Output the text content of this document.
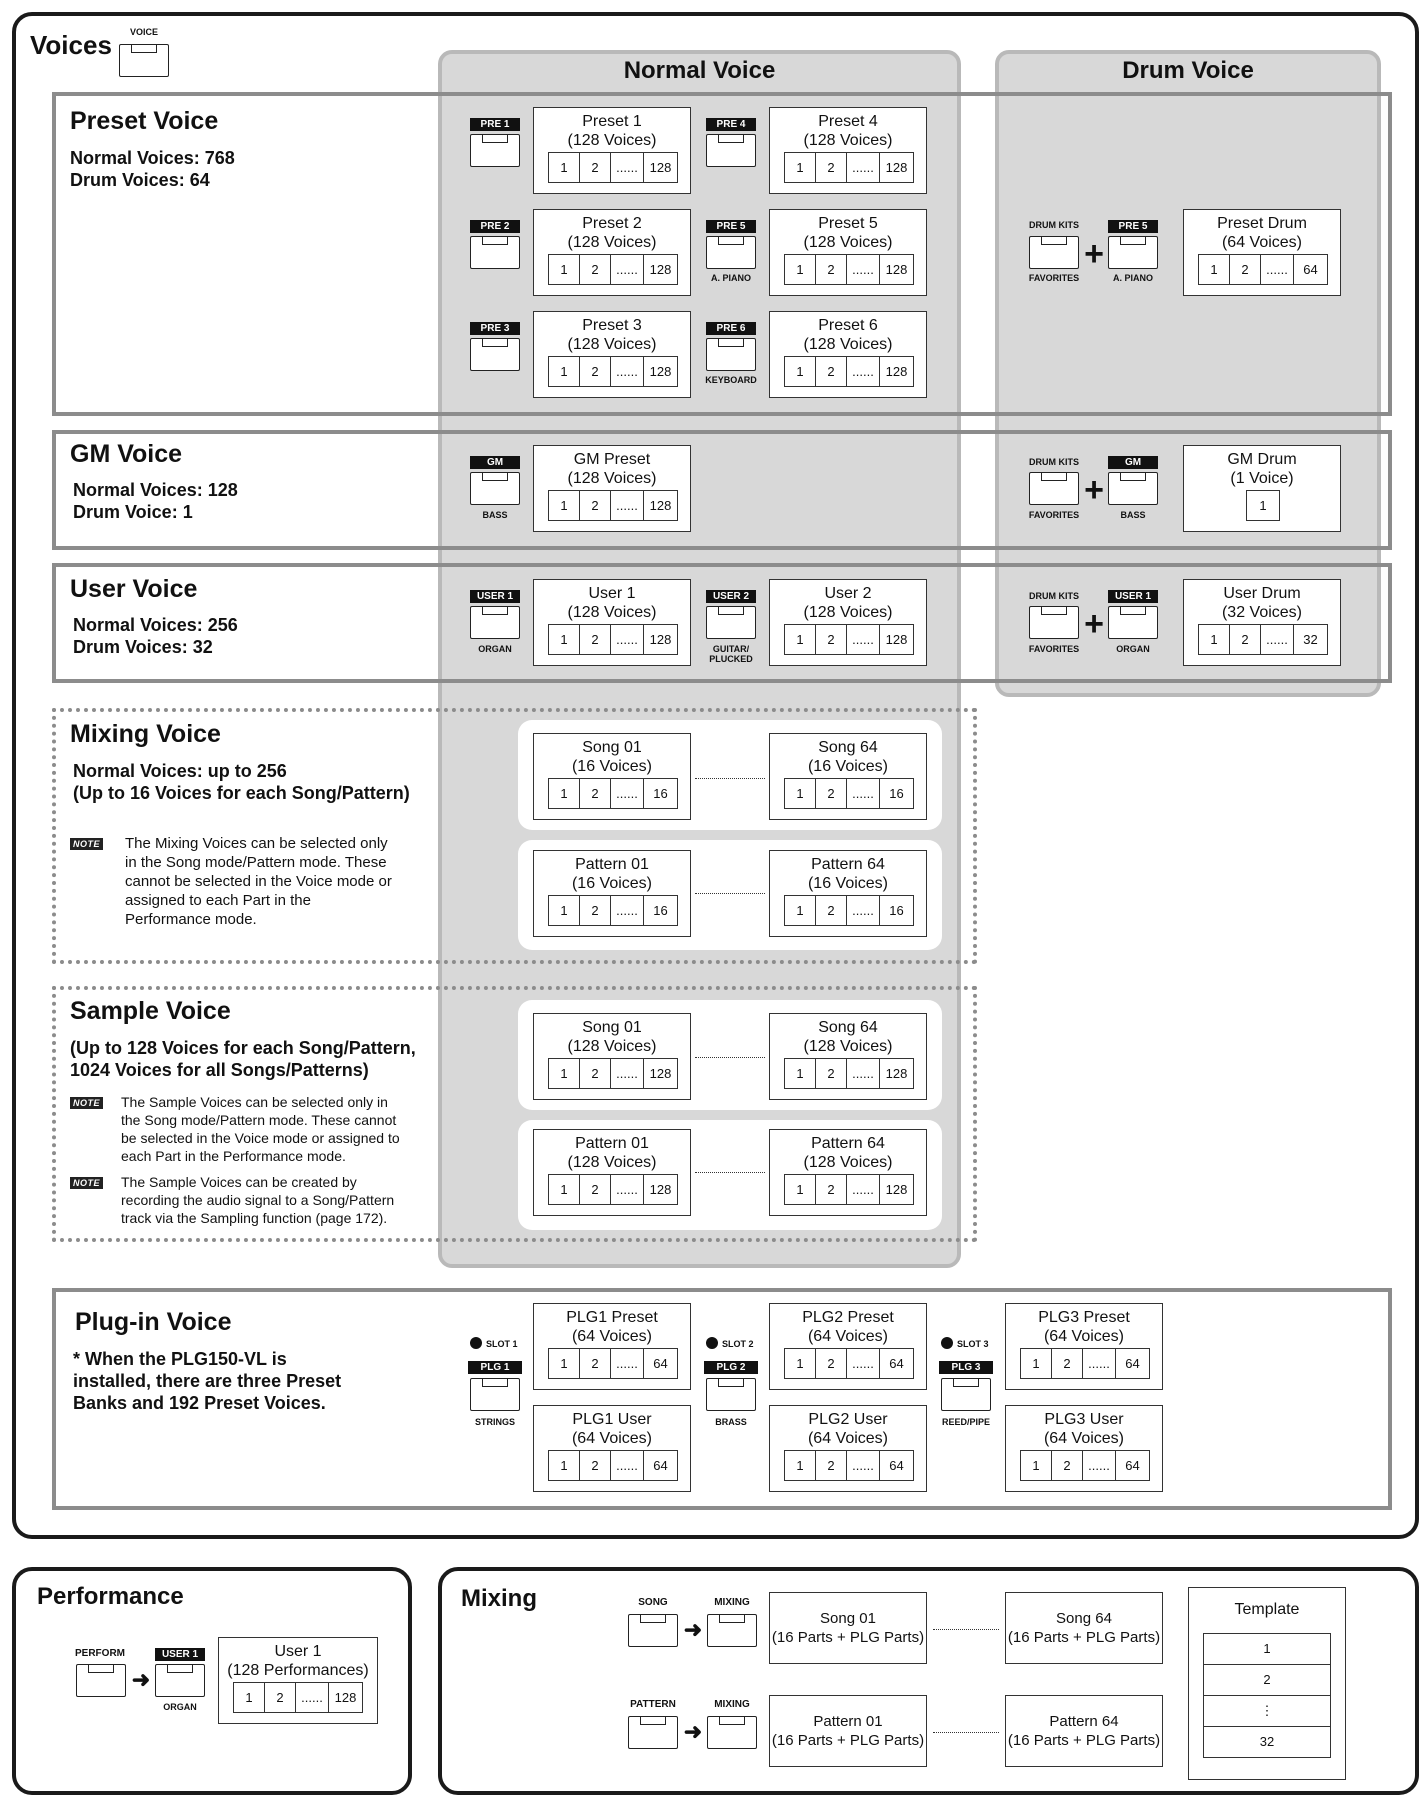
Voices	VOICE
Normal Voice	Drum Voice
Preset Voice
Normal Voices: 768
Drum Voices: 64
GM Voice
Normal Voices: 128
Drum Voice: 1
User Voice
Normal Voices: 256
Drum Voices: 32
Mixing Voice
Normal Voices: up to 256
(Up to 16 Voices for each Song/Pattern)
NOTE The Mixing Voices can be selected only
in the Song mode/Pattern mode. These
cannot be selected in the Voice mode or
assigned to each Part in the
Performance mode.
Sample Voice
(Up to 128 Voices for each Song/Pattern,
1024 Voices for all Songs/Patterns)
NOTE The Sample Voices can be selected only in
the Song mode/Pattern mode. These cannot
be selected in the Voice mode or assigned to
each Part in the Performance mode.
NOTE The Sample Voices can be created by
recording the audio signal to a Song/Pattern
track via the Sampling function (page 172).
Plug-in Voice
* When the PLG150-VL is
installed, there are three Preset
Banks and 192 Preset Voices.
PRE 1
PRE 2
PRE 3
PRE 4
PRE 5
A. PIANO
PRE 6
KEYBOARD
DRUM KITS
FAVORITES
+
PRE 5
A. PIANO
GM
BASS
DRUM KITS
FAVORITES
+
GM
BASS
USER 1
ORGAN
USER 2
GUITAR/
PLUCKED
DRUM KITS
FAVORITES
+
USER 1
ORGAN
SLOT 1
PLG 1
STRINGS
SLOT 2
PLG 2
BRASS
SLOT 3
PLG 3
REED/PIPE
Preset 1
(128 Voices)
1	2	...... 128
Preset 2
(128 Voices)
1	2	...... 128
Preset 3
(128 Voices)
1	2	...... 128
Preset 4
(128 Voices)
1	2	...... 128
Preset 5
(128 Voices)
1	2	...... 128
Preset 6
(128 Voices)
1	2	...... 128
Preset Drum
(64 Voices)
1	2	......	64
GM Preset
(128 Voices)
1	2	...... 128
GM Drum
(1 Voice)
1
User 1
(128 Voices)
1	2	...... 128
User 2
(128 Voices)
1	2	...... 128
User Drum
(32 Voices)
1	2	......	32
Song 01
(16 Voices)
1	2	......	16
Song 64
(16 Voices)
1	2	......	16
Pattern 01
(16 Voices)
1	2	......	16
Pattern 64
(16 Voices)
1	2	......	16
Song 01
(128 Voices)
1	2	...... 128
Song 64
(128 Voices)
1	2	...... 128
Pattern 01
(128 Voices)
1	2	...... 128
Pattern 64
(128 Voices)
1	2	...... 128
PLG1 Preset
(64 Voices)
1	2	......	64
PLG1 User
(64 Voices)
1	2	......	64
PLG2 Preset
(64 Voices)
1	2	......	64
PLG2 User
(64 Voices)
1	2	......	64
PLG3 Preset
(64 Voices)
1	2	......	64
PLG3 User
(64 Voices)
1	2	......	64
Performance
PERFORM
➜
USER 1
ORGAN
User 1
(128 Performances)
1	2	...... 128
Mixing	SONG
➜
MIXING
PATTERN
➜
MIXING
Song 01
(16 Parts + PLG Parts)
Song 64
(16 Parts + PLG Parts)
Pattern 01
(16 Parts + PLG Parts)
Pattern 64
(16 Parts + PLG Parts)
Template
1
2
⋮
32
